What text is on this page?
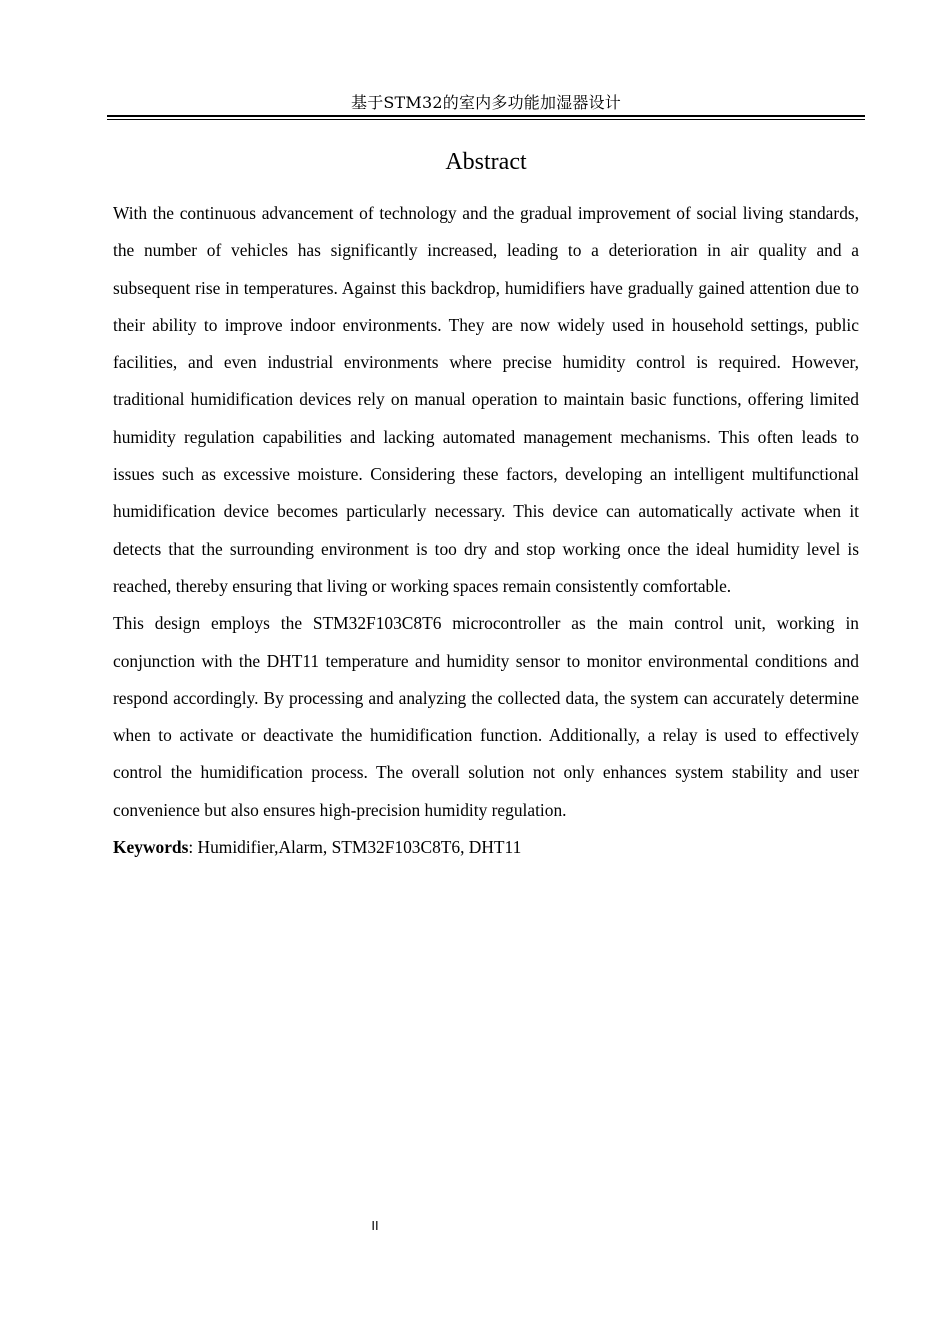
基于STM32的室内多功能加湿器设计
Abstract

With the continuous advancement of technology and the gradual improvement of social living standards, the number of vehicles has significantly increased, leading to a deterioration in air quality and a subsequent rise in temperatures. Against this backdrop, humidifiers have gradually gained attention due to their ability to improve indoor environments. They are now widely used in household settings, public facilities, and even industrial environments where precise humidity control is required. However, traditional humidification devices rely on manual operation to maintain basic functions, offering limited humidity regulation capabilities and lacking automated management mechanisms. This often leads to issues such as excessive moisture. Considering these factors, developing an intelligent multifunctional humidification device becomes particularly necessary. This device can automatically activate when it detects that the surrounding environment is too dry and stop working once the ideal humidity level is reached, thereby ensuring that living or working spaces remain consistently comfortable.

This design employs the STM32F103C8T6 microcontroller as the main control unit, working in conjunction with the DHT11 temperature and humidity sensor to monitor environmental conditions and respond accordingly. By processing and analyzing the collected data, the system can accurately determine when to activate or deactivate the humidification function. Additionally, a relay is used to effectively control the humidification process. The overall solution not only enhances system stability and user convenience but also ensures high-precision humidity regulation.

Keywords: Humidifier,Alarm, STM32F103C8T6, DHT11

II
